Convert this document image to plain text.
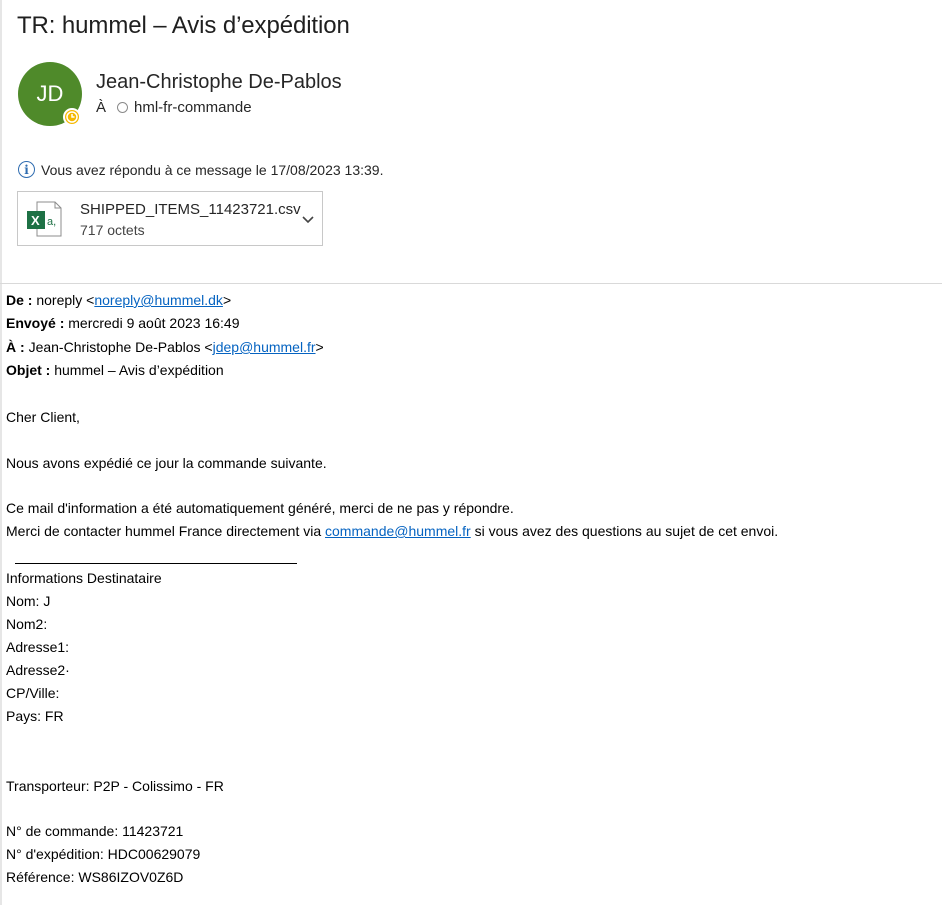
TR: hummel – Avis d’expédition
JD Jean-Christophe De-Pablos
À hml-fr-commande
i Vous avez répondu à ce message le 17/08/2023 13:39.
a,
X
SHIPPED_ITEMS_11423721.csv
717 octets
De : noreply <noreply@hummel.dk>
Envoyé : mercredi 9 août 2023 16:49
À : Jean-Christophe De-Pablos <jdep@hummel.fr>
Objet : hummel – Avis d’expédition
Cher Client,
Nous avons expédié ce jour la commande suivante.
Ce mail d'information a été automatiquement généré, merci de ne pas y répondre.
Merci de contacter hummel France directement via commande@hummel.fr si vous avez des questions au sujet de cet envoi.
Informations Destinataire
Nom: J
Nom2:
Adresse1:
Adresse2·
CP/Ville:
Pays: FR
Transporteur: P2P - Colissimo - FR
N° de commande: 11423721
N° d'expédition: HDC00629079
Référence: WS86IZOV0Z6D
